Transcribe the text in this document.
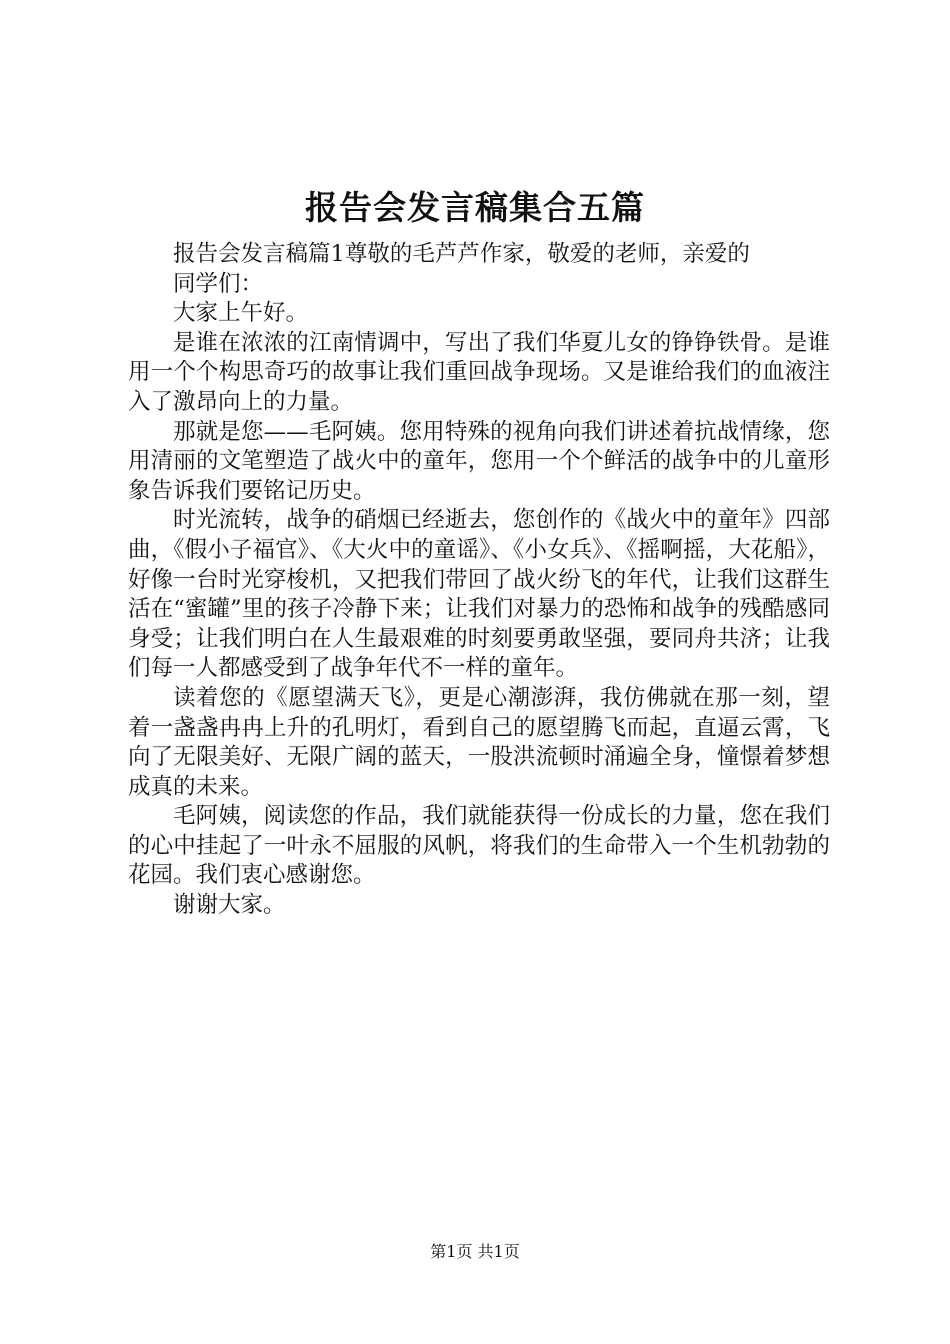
报告会发言稿集合五篇

报告会发言稿篇1尊敬的毛芦芦作家，敬爱的老师，亲爱的

同学们：

大家上午好。

是谁在浓浓的江南情调中，写出了我们华夏儿女的铮铮铁骨。是谁用一个个构思奇巧的故事让我们重回战争现场。又是谁给我们的血液注入了激昂向上的力量。

那就是您——毛阿姨。您用特殊的视角向我们讲述着抗战情缘，您用清丽的文笔塑造了战火中的童年，您用一个个鲜活的战争中的儿童形象告诉我们要铭记历史。

时光流转，战争的硝烟已经逝去，您创作的《战火中的童年》四部曲，《假小子福官》、《大火中的童谣》、《小女兵》、《摇啊摇，大花船》，好像一台时光穿梭机，又把我们带回了战火纷飞的年代，让我们这群生活在“蜜罐”里的孩子冷静下来；让我们对暴力的恐怖和战争的残酷感同身受；让我们明白在人生最艰难的时刻要勇敢坚强，要同舟共济；让我们每一人都感受到了战争年代不一样的童年。

读着您的《愿望满天飞》，更是心潮澎湃，我仿佛就在那一刻，望着一盏盏冉冉上升的孔明灯，看到自己的愿望腾飞而起，直逼云霄，飞向了无限美好、无限广阔的蓝天，一股洪流顿时涌遍全身，憧憬着梦想成真的未来。

毛阿姨，阅读您的作品，我们就能获得一份成长的力量，您在我们的心中挂起了一叶永不屈服的风帆，将我们的生命带入一个生机勃勃的花园。我们衷心感谢您。

谢谢大家。

第1页 共1页
